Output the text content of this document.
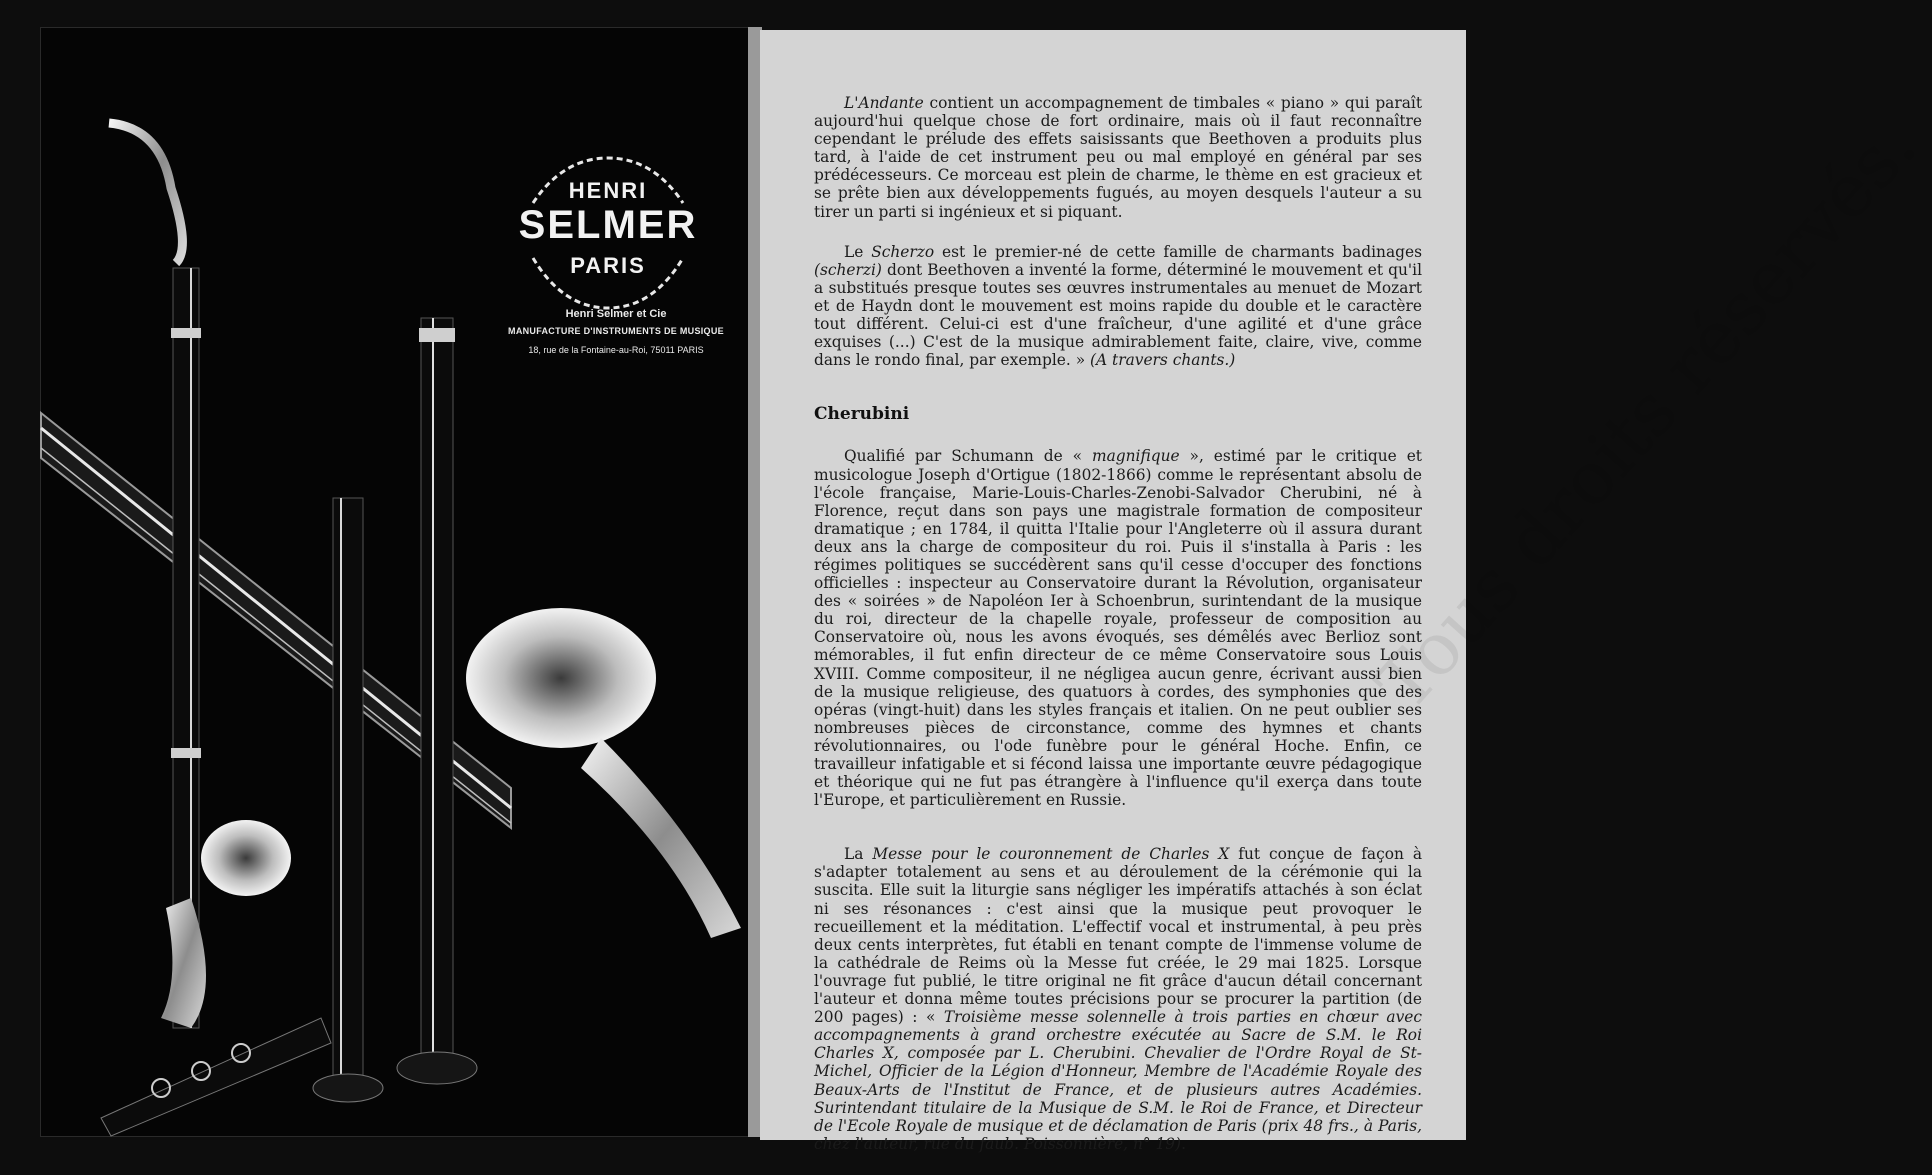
HENRI
SELMER
PARIS
Henri Selmer et Cie
MANUFACTURE D'INSTRUMENTS DE MUSIQUE
18, rue de la Fontaine-au-Roi, 75011 PARIS	Tous droits réservés.

L'Andante contient un accompagnement de timbales « piano » qui paraît aujourd'hui quelque chose de fort ordinaire, mais où il faut reconnaître cependant le prélude des effets saisissants que Beethoven a produits plus tard, à l'aide de cet instrument peu ou mal employé en général par ses prédécesseurs. Ce morceau est plein de charme, le thème en est gracieux et se prête bien aux développements fugués, au moyen desquels l'auteur a su tirer un parti si ingénieux et si piquant.

Le Scherzo est le premier-né de cette famille de charmants badinages (scherzi) dont Beethoven a inventé la forme, déterminé le mouvement et qu'il a substitués presque toutes ses œuvres instrumentales au menuet de Mozart et de Haydn dont le mouvement est moins rapide du double et le caractère tout différent. Celui-ci est d'une fraîcheur, d'une agilité et d'une grâce exquises (...) C'est de la musique admirablement faite, claire, vive, comme dans le rondo final, par exemple. » (A travers chants.)

Cherubini

Qualifié par Schumann de « magnifique », estimé par le critique et musicologue Joseph d'Ortigue (1802-1866) comme le représentant absolu de l'école française, Marie-Louis-Charles-Zenobi-Salvador Cherubini, né à Florence, reçut dans son pays une magistrale formation de compositeur dramatique ; en 1784, il quitta l'Italie pour l'Angleterre où il assura durant deux ans la charge de compositeur du roi. Puis il s'installa à Paris : les régimes politiques se succédèrent sans qu'il cesse d'occuper des fonctions officielles : inspecteur au Conservatoire durant la Révolution, organisateur des « soirées » de Napoléon Ier à Schoenbrun, surintendant de la musique du roi, directeur de la chapelle royale, professeur de composition au Conservatoire où, nous les avons évoqués, ses démêlés avec Berlioz sont mémorables, il fut enfin directeur de ce même Conservatoire sous Louis XVIII. Comme compositeur, il ne négligea aucun genre, écrivant aussi bien de la musique religieuse, des quatuors à cordes, des symphonies que des opéras (vingt-huit) dans les styles français et italien. On ne peut oublier ses nombreuses pièces de circonstance, comme des hymnes et chants révolutionnaires, ou l'ode funèbre pour le général Hoche. Enfin, ce travailleur infatigable et si fécond laissa une importante œuvre pédagogique et théorique qui ne fut pas étrangère à l'influence qu'il exerça dans toute l'Europe, et particulièrement en Russie.

La Messe pour le couronnement de Charles X fut conçue de façon à s'adapter totalement au sens et au déroulement de la cérémonie qui la suscita. Elle suit la liturgie sans négliger les impératifs attachés à son éclat ni ses résonances : c'est ainsi que la musique peut provoquer le recueillement et la méditation. L'effectif vocal et instrumental, à peu près deux cents interprètes, fut établi en tenant compte de l'immense volume de la cathédrale de Reims où la Messe fut créée, le 29 mai 1825. Lorsque l'ouvrage fut publié, le titre original ne fit grâce d'aucun détail concernant l'auteur et donna même toutes précisions pour se procurer la partition (de 200 pages) : « Troisième messe solennelle à trois parties en chœur avec accompagnements à grand orchestre exécutée au Sacre de S.M. le Roi Charles X, composée par L. Cherubini. Chevalier de l'Ordre Royal de St-Michel, Officier de la Légion d'Honneur, Membre de l'Académie Royale des Beaux-Arts de l'Institut de France, et de plusieurs autres Académies. Surintendant titulaire de la Musique de S.M. le Roi de France, et Directeur de l'Ecole Royale de musique et de déclamation de Paris (prix 48 frs., à Paris, chez l'auteur, rue du faub. Poissonnière, n° 19).
